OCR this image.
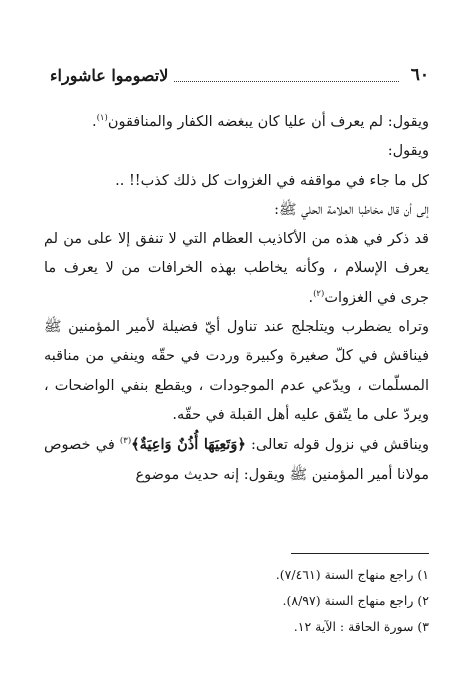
٦٠
لاتصوموا عاشوراء

ويقول: لم يعرف أن عليا كان يبغضه الكفار والمنافقون$^{(١)}$.

ويقول:

كل ما جاء في مواقفه في الغزوات كل ذلك كذب!! ..

إلى أن قال مخاطبا العلامة الحلي ﷺ:

قد ذكر في هذه من الأكاذيب العظام التي لا تنفق إلا على من لم يعرف الإسلام ، وكأنه يخاطب بهذه الخرافات من لا يعرف ما جرى في الغزوات$^{(٢)}$.

وتراه يضطرب ويتلجلج عند تناول أيّ فضيلة لأمير المؤمنين ﷺ فيناقش في كلّ صغيرة وكبيرة وردت في حقّه وينفي من مناقبه المسلّمات ، ويدّعي عدم الموجودات ، ويقطع بنفي الواضحات ، ويردّ على ما يتّفق عليه أهل القبلة في حقّه.

ويناقش في نزول قوله تعالى: ﴿وَتَعِيَهَا أُذُنٌ وَاعِيَةٌ﴾$^{(٣)}$ في خصوص مولانا أمير المؤمنين ﷺ ويقول: إنه حديث موضوع

١) راجع منهاج السنة (٧/٤٦١).

٢) راجع منهاج السنة (٨/٩٧).

٣) سورة الحاقة : الآية ١٢.
